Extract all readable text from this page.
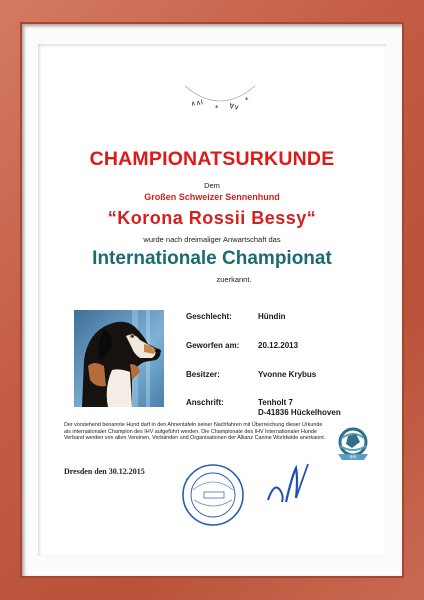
∧∧I
* ∀∨
*
CHAMPIONATSURKUNDE
Dem
Großen Schweizer Sennenhund
“Korona Rossii Bessy“
wurde nach dreimaliger Anwartschaft das
Internationale Championat
zuerkannt.
Geschlecht:	Hündin
Geworfen am: 20.12.2013
Besitzer:	Yvonne Krybus
Anschrift:	Tenholt 7
D-41836 Hückelhoven
Der vorstehend benannte Hund darf in den Ahnentafeln seiner Nachfahren mit Überreichung dieser Urkunde als internationaler Champion des IHV aufgeführt werden. Die Championate des IHV Internationaler Hunde Verband werden von allen Vereinen, Verbänden und Organisationen der Allianz Canine Worldwide anerkannt.
IHV
Dresden den 30.12.2015
